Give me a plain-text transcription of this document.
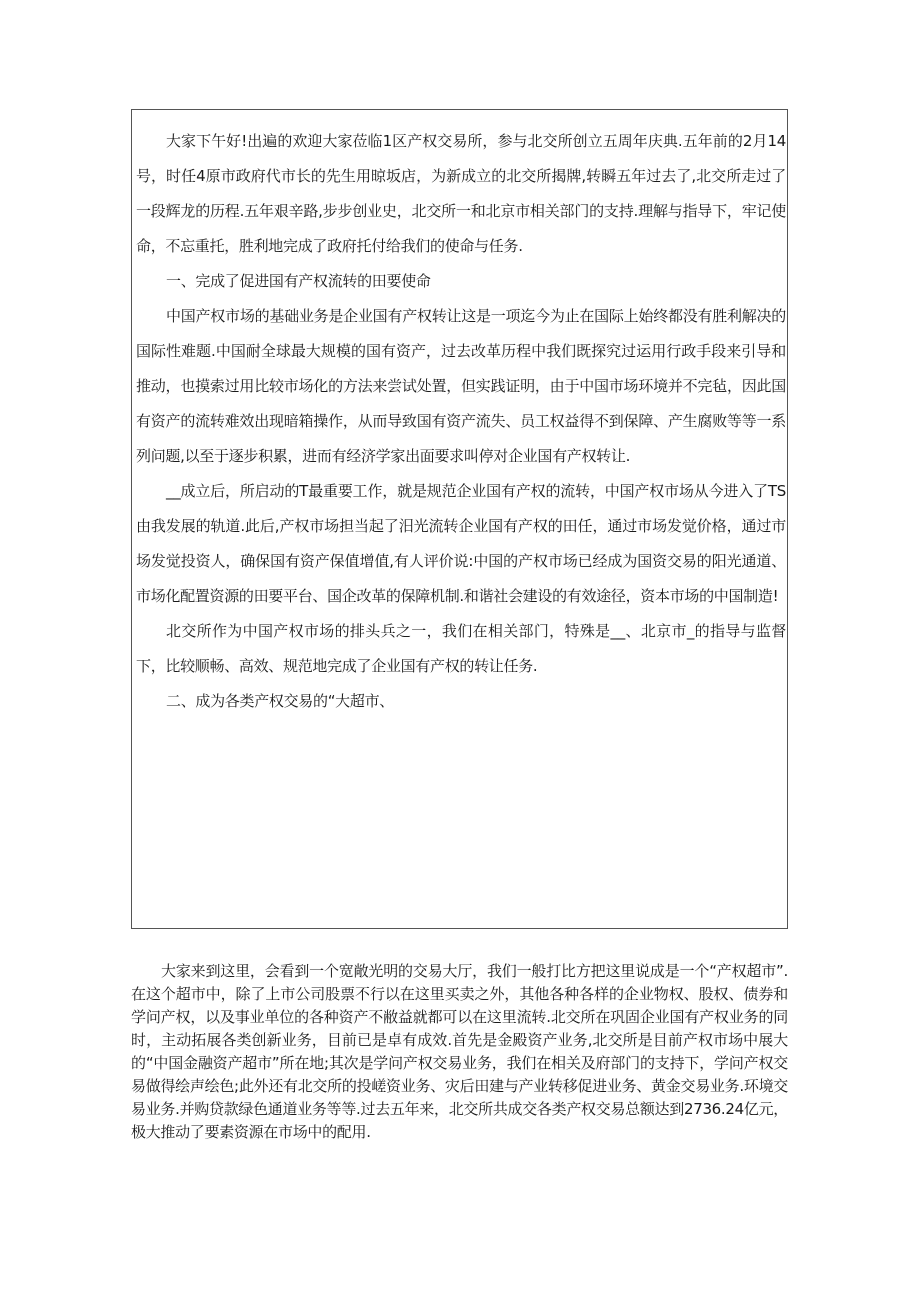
大家下午好!出遍的欢迎大家莅临1区产权交易所，参与北交所创立五周年庆典.五年前的2月14号，时任4原市政府代市长的先生用晾坂店，为新成立的北交所揭牌,转瞬五年过去了,北交所走过了一段辉龙的历程.五年艰辛路,步步创业史，北交所一和北京市相关部门的支持.理解与指导下，牢记使命，不忘重托，胜利地完成了政府托付给我们的使命与任务.

一、完成了促进国有产权流转的田要使命

中国产权市场的基础业务是企业国有产权转让这是一项迄今为止在国际上始终都没有胜利解决的国际性难题.中国耐全球最大规模的国有资产，过去改革历程中我们既探究过运用行政手段来引导和推动，也摸索过用比较市场化的方法来尝试处置，但实践证明，由于中国市场环境并不完毡，因此国有资产的流转难效出现暗箱操作，从而导致国有资产流失、员工权益得不到保障、产生腐败等等一系列问题,以至于逐步积累，进而有经济学家出面要求叫停对企业国有产权转让.

__成立后，所启动的T最重要工作，就是规范企业国有产权的流转，中国产权市场从今进入了TS由我发展的轨道.此后,产权市场担当起了汨光流转企业国有产权的田任，通过市场发觉价格，通过市场发觉投资人，确保国有资产保值增值,有人评价说:中国的产权市场已经成为国资交易的阳光通道、市场化配置资源的田要平台、国企改革的保障机制.和谐社会建设的有效途径，资本市场的中国制造!

北交所作为中国产权市场的排头兵之一，我们在相关部门，特殊是__、北京市_的指导与监督下，比较顺畅、高效、规范地完成了企业国有产权的转让任务.

二、成为各类产权交易的“大超市、

大家来到这里，会看到一个宽敞光明的交易大厅，我们一般打比方把这里说成是一个“产权超市”.在这个超市中，除了上市公司股票不行以在这里买卖之外，其他各种各样的企业物权、股权、债券和学问产权，以及事业单位的各种资产不敝益就都可以在这里流转.北交所在巩固企业国有产权业务的同时，主动拓展各类创新业务，目前已是卓有成效.首先是金殿资产业务,北交所是目前产权市场中展大的“中国金融资产超市”所在地;其次是学问产权交易业务，我们在相关及府部门的支持下，学问产权交易做得绘声绘色;此外还有北交所的投嵯资业务、灾后田建与产业转移促进业务、黄金交易业务.环境交易业务.并购贷款绿色通道业务等等.过去五年来，北交所共成交各类产权交易总额达到2736.24亿元，极大推动了要素资源在市场中的配用.
